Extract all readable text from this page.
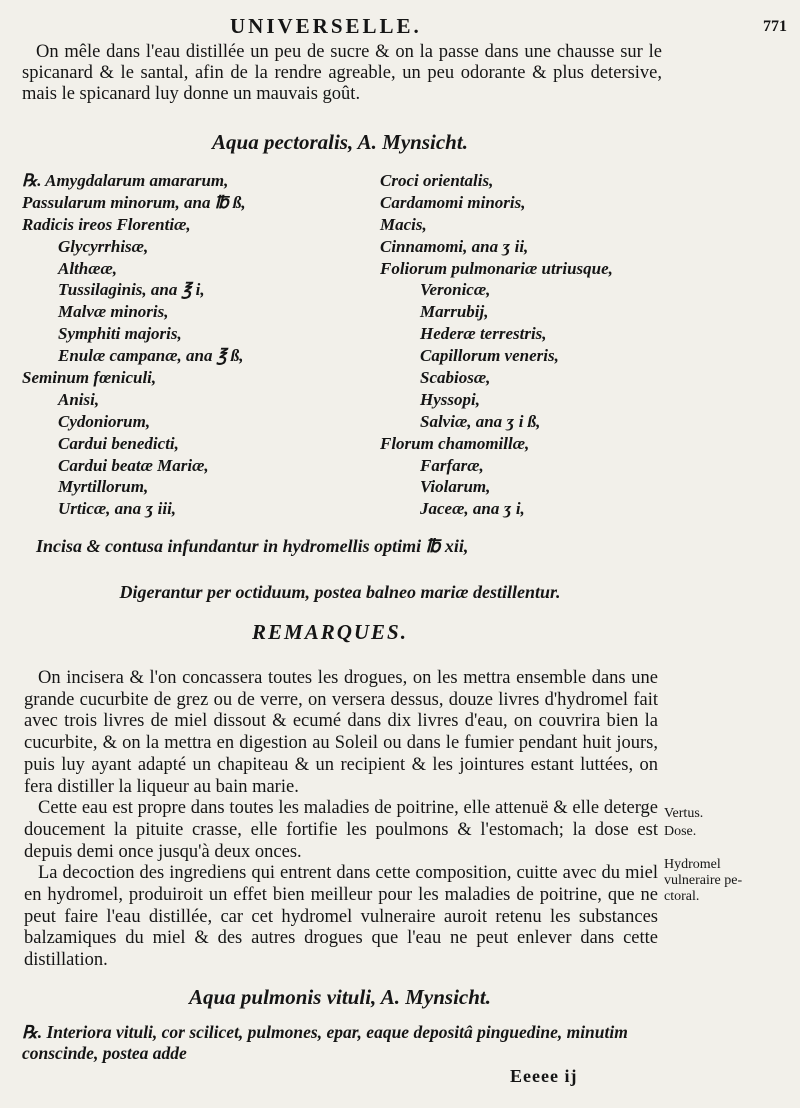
UNIVERSELLE.	771

On mêle dans l'eau distillée un peu de sucre & on la passe dans une chausse sur le spicanard & le santal, afin de la rendre agreable, un peu odorante & plus detersive, mais le spicanard luy donne un mauvais goût.

Aqua pectoralis, A. Mynsicht.
℞. Amygdalarum amararum,
Passularum minorum, ana ℔ ß,
Radicis ireos Florentiæ,
Glycyrrhisæ,
Althææ,
Tussilaginis, ana ℥ i,
Malvæ minoris,
Symphiti majoris,
Enulæ campanæ, ana ℥ ß,
Seminum fœniculi,
Anisi,
Cydoniorum,
Cardui benedicti,
Cardui beatæ Mariæ,
Myrtillorum,
Urticæ, ana ʒ iii,
Croci orientalis,
Cardamomi minoris,
Macis,
Cinnamomi, ana ʒ ii,
Foliorum pulmonariæ utriusque,
Veronicæ,
Marrubij,
Hederæ terrestris,
Capillorum veneris,
Scabiosæ,
Hyssopi,
Salviæ, ana ʒ i ß,
Florum chamomillæ,
Farfaræ,
Violarum,
Jaceæ, ana ʒ i,
Incisa & contusa infundantur in hydromellis optimi ℔ xii,
Digerantur per octiduum, postea balneo mariæ destillentur.
REMARQUES.

On incisera & l'on concassera toutes les drogues, on les mettra ensemble dans une grande cucurbite de grez ou de verre, on versera dessus, douze livres d'hydromel fait avec trois livres de miel dissout & ecumé dans dix livres d'eau, on couvrira bien la cucurbite, & on la mettra en digestion au Soleil ou dans le fumier pendant huit jours, puis luy ayant adapté un chapiteau & un recipient & les jointures estant luttées, on fera distiller la liqueur au bain marie.

Cette eau est propre dans toutes les maladies de poitrine, elle attenuë & elle deterge doucement la pituite crasse, elle fortifie les poulmons & l'estomach; la dose est depuis demi once jusqu'à deux onces.

La decoction des ingrediens qui entrent dans cette composition, cuitte avec du miel en hydromel, produiroit un effet bien meilleur pour les maladies de poitrine, que ne peut faire l'eau distillée, car cet hydromel vulneraire auroit retenu les substances balzamiques du miel & des autres drogues que l'eau ne peut enlever dans cette distillation.

Vertus.
Dose.
Hydromel
vulneraire pe-
ctoral.
Aqua pulmonis vituli, A. Mynsicht.

℞. Interiora vituli, cor scilicet, pulmones, epar, eaque depositâ pinguedine, minutim conscinde, postea adde

Eeeee ij
